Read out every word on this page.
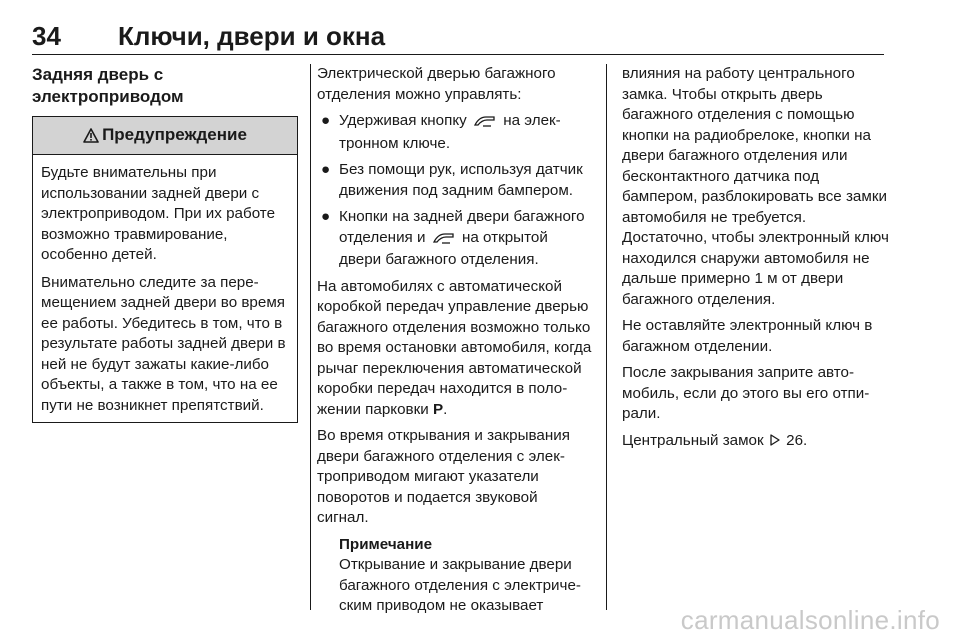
34 Ключи, двери и окна
Задняя дверь с
электроприводом
Предупреждение

Будьте внимательны при использовании задней двери с электроприводом. При их работе возможно травмирование, особенно детей.

Внимательно следите за перемещением задней двери во время ее работы. Убедитесь в том, что в результате работы задней двери в ней не будут зажаты какие-либо объекты, а также в том, что на ее пути не возникнет препятствий.

Электрической дверью багажного отделения можно управлять:

● Удерживая кнопку на электронном ключе.
● Без помощи рук, используя датчик движения под задним бампером.
● Кнопки на задней двери багажного отделения и на открытой двери багажного отделения.

На автомобилях с автоматической коробкой передач управление дверью багажного отделения возможно только во время остановки автомобиля, когда рычаг переключения автоматической коробки передач находится в положении парковки P.

Во время открывания и закрывания двери багажного отделения с электроприводом мигают указатели поворотов и подается звуковой сигнал.

Примечание
Открывание и закрывание двери багажного отделения с электрическим приводом не оказывает

влияния на работу центрального замка. Чтобы открыть дверь багажного отделения с помощью кнопки на радиобрелоке, кнопки на двери багажного отделения или бесконтактного датчика под бампером, разблокировать все замки автомобиля не требуется. Достаточно, чтобы электронный ключ находился снаружи автомобиля не дальше примерно 1 м от двери багажного отделения.

Не оставляйте электронный ключ в багажном отделении.

После закрывания заприте автомобиль, если до этого вы его отпирали.

Центральный замок 26.

carmanualsonline.info
